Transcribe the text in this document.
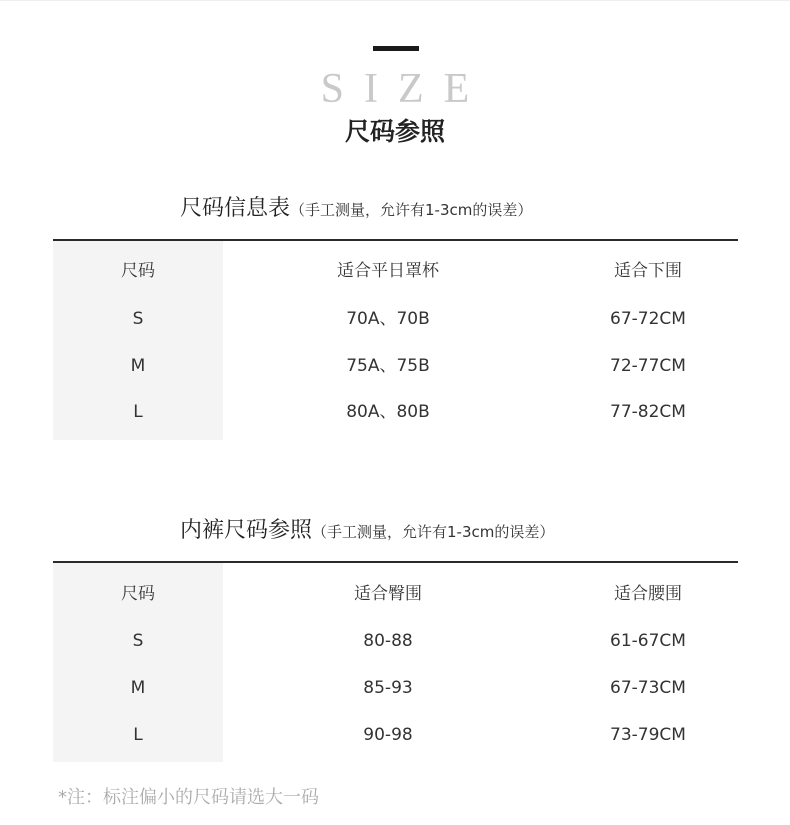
SIZE
尺码参照
尺码信息表（手工测量，允许有1-3cm的误差）
尺码	适合平日罩杯	适合下围
S	70A、70B	67-72CM
M	75A、75B	72-77CM
L	80A、80B	77-82CM
内裤尺码参照（手工测量，允许有1-3cm的误差）
尺码	适合臀围	适合腰围
S	80-88	61-67CM
M	85-93	67-73CM
L	90-98	73-79CM
*注：标注偏小的尺码请选大一码
